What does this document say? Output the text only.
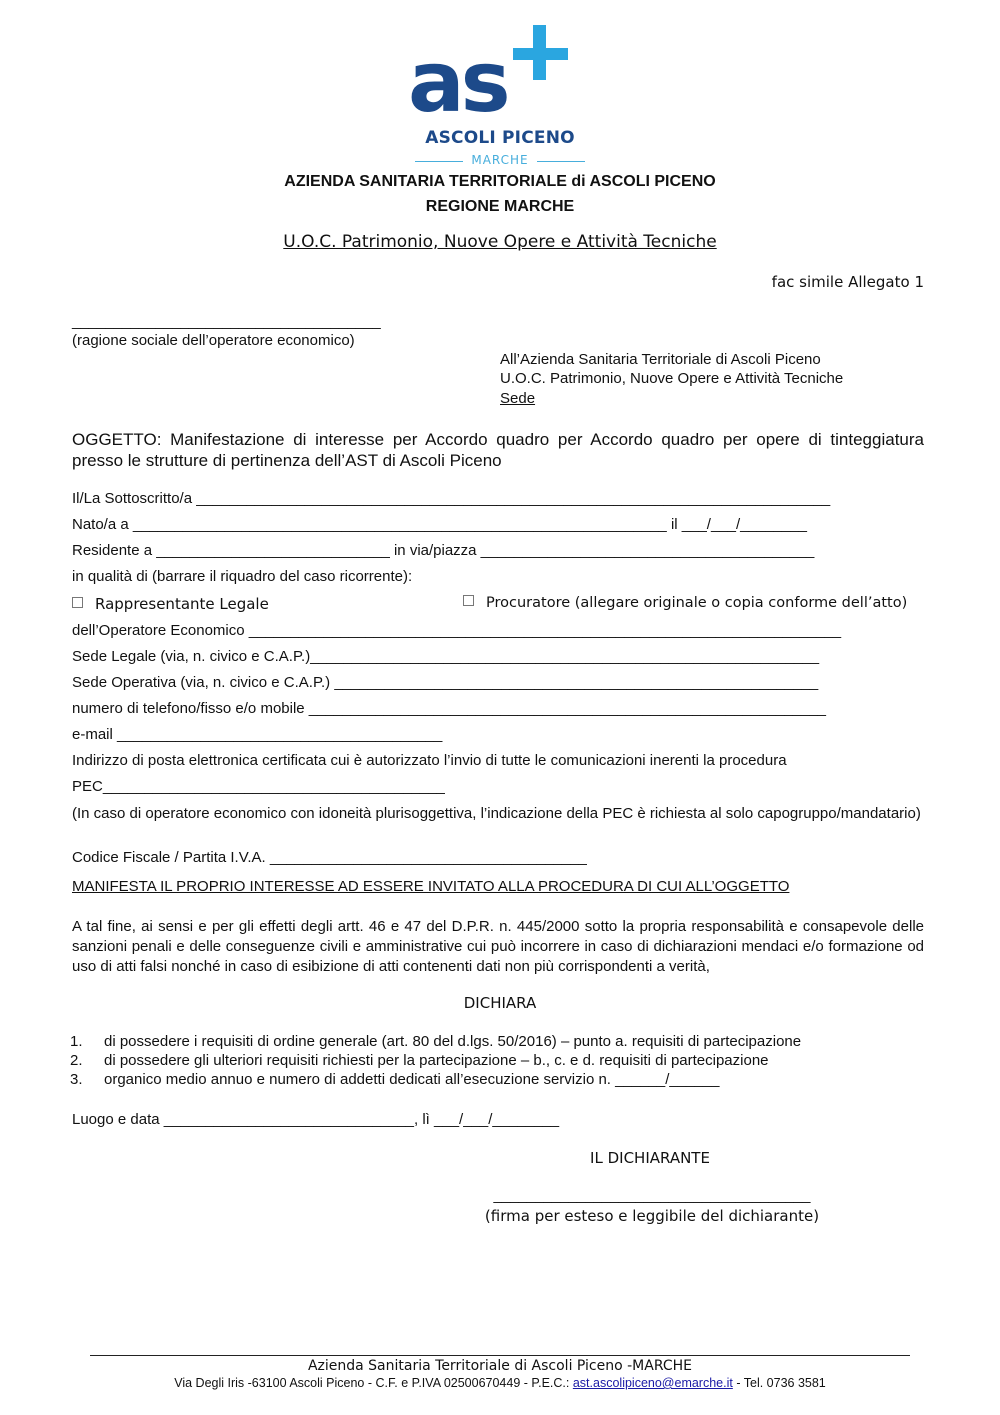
as
ASCOLI PICENO
MARCHE
AZIENDA SANITARIA TERRITORIALE di ASCOLI PICENO
REGIONE MARCHE
U.O.C. Patrimonio, Nuove Opere e Attività Tecniche
fac simile Allegato 1
_____________________________________
(ragione sociale dell’operatore economico)
All’Azienda Sanitaria Territoriale di Ascoli Piceno
U.O.C. Patrimonio, Nuove Opere e Attività Tecniche
Sede
OGGETTO: Manifestazione di interesse per Accordo quadro per Accordo quadro per opere di tinteggiatura presso le strutture di pertinenza dell’AST di Ascoli Piceno
Il/La Sottoscritto/a ____________________________________________________________________________
Nato/a a ________________________________________________________________ il ___/___/________
Residente a ____________________________ in via/piazza ________________________________________
in qualità di (barrare il riquadro del caso ricorrente):
Rappresentante Legale	Procuratore (allegare originale o copia conforme dell’atto)
dell’Operatore Economico _______________________________________________________________________
Sede Legale (via, n. civico e C.A.P.)_____________________________________________________________
Sede Operativa (via, n. civico e C.A.P.) __________________________________________________________
numero di telefono/fisso e/o mobile ______________________________________________________________
e-mail _______________________________________
Indirizzo di posta elettronica certificata cui è autorizzato l’invio di tutte le comunicazioni inerenti la procedura
PEC_________________________________________
(In caso di operatore economico con idoneità plurisoggettiva, l’indicazione della PEC è richiesta al solo capogruppo/mandatario)
Codice Fiscale / Partita I.V.A. ______________________________________
MANIFESTA IL PROPRIO INTERESSE AD ESSERE INVITATO ALLA PROCEDURA DI CUI ALL’OGGETTO
A tal fine, ai sensi e per gli effetti degli artt. 46 e 47 del D.P.R. n. 445/2000 sotto la propria responsabilità e consapevole delle sanzioni penali e delle conseguenze civili e amministrative cui può incorrere in caso di dichiarazioni mendaci e/o formazione od uso di atti falsi nonché in caso di esibizione di atti contenenti dati non più corrispondenti a verità,
DICHIARA
1. di possedere i requisiti di ordine generale (art. 80 del d.lgs. 50/2016) – punto a. requisiti di partecipazione
2. di possedere gli ulteriori requisiti richiesti per la partecipazione – b., c. e d. requisiti di partecipazione
3. organico medio annuo e numero di addetti dedicati all’esecuzione servizio n. ______/______
Luogo e data ______________________________, lì ___/___/________
IL DICHIARANTE
______________________________________
(firma per esteso e leggibile del dichiarante)
Azienda Sanitaria Territoriale di Ascoli Piceno -MARCHE
Via Degli Iris -63100 Ascoli Piceno - C.F. e P.IVA 02500670449 - P.E.C.: ast.ascolipiceno@emarche.it - Tel. 0736 3581
